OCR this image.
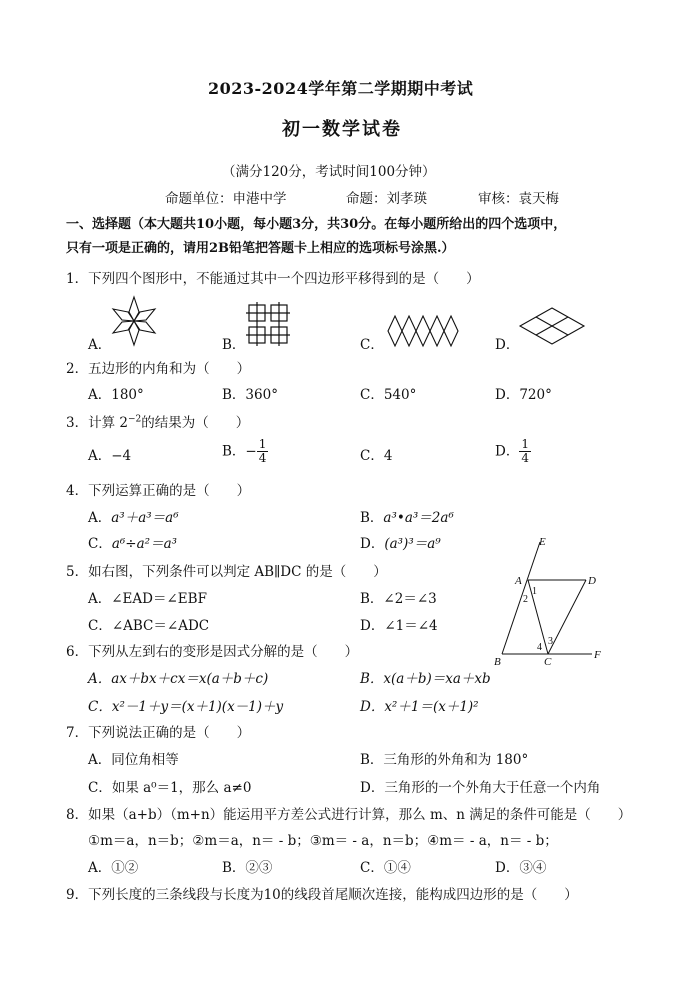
2023-2024学年第二学期期中考试
初一数学试卷
（满分120分，考试时间100分钟）
命题单位：申港中学	命题：刘孝瑛	审核：袁天梅
一、选择题（本大题共10小题，每小题3分，共30分。在每小题所给出的四个选项中，
只有一项是正确的，请用2B铅笔把答题卡上相应的选项标号涂黑.）
1．下列四个图形中，不能通过其中一个四边形平移得到的是（　　）
A．	B．	C．	D．
2．五边形的内角和为（　　）
A．180°	B．360°	C．540°	D．720°
3．计算 $2^{-2}$的结果为（　　）
A．−4	B．− $\frac{1}{4}$	C．4	D． $\frac{1}{4}$
4．下列运算正确的是（　　）
A．a³＋a³＝a⁶	B．a³•a³＝2a⁶
C．a⁶÷a²＝a³	D．(a³)³＝a⁹
5．如右图，下列条件可以判定 AB∥DC 的是（　　）
A．∠EAD＝∠EBF	B．∠2＝∠3
C．∠ABC＝∠ADC	D．∠1＝∠4
E
A	D
B	C
F
1
2
3
4
6．下列从左到右的变形是因式分解的是（　　）
A．ax＋bx＋cx＝x(a＋b＋c)	B．x(a＋b)＝xa＋xb
C．x²－1＋y＝(x＋1)(x－1)＋y	D．x²＋1＝(x＋1)²
7．下列说法正确的是（　　）
A．同位角相等	B．三角形的外角和为 180°
C．如果 a⁰＝1，那么 a≠0	D．三角形的一个外角大于任意一个内角
8．如果（a+b）（m+n）能运用平方差公式进行计算，那么 m、n 满足的条件可能是（　　）
①m＝a，n＝b；②m＝a，n＝ - b；③m＝ - a，n＝b；④m＝ - a，n＝ - b；
A．①②	B．②③	C．①④	D．③④
9．下列长度的三条线段与长度为10的线段首尾顺次连接，能构成四边形的是（　　）
